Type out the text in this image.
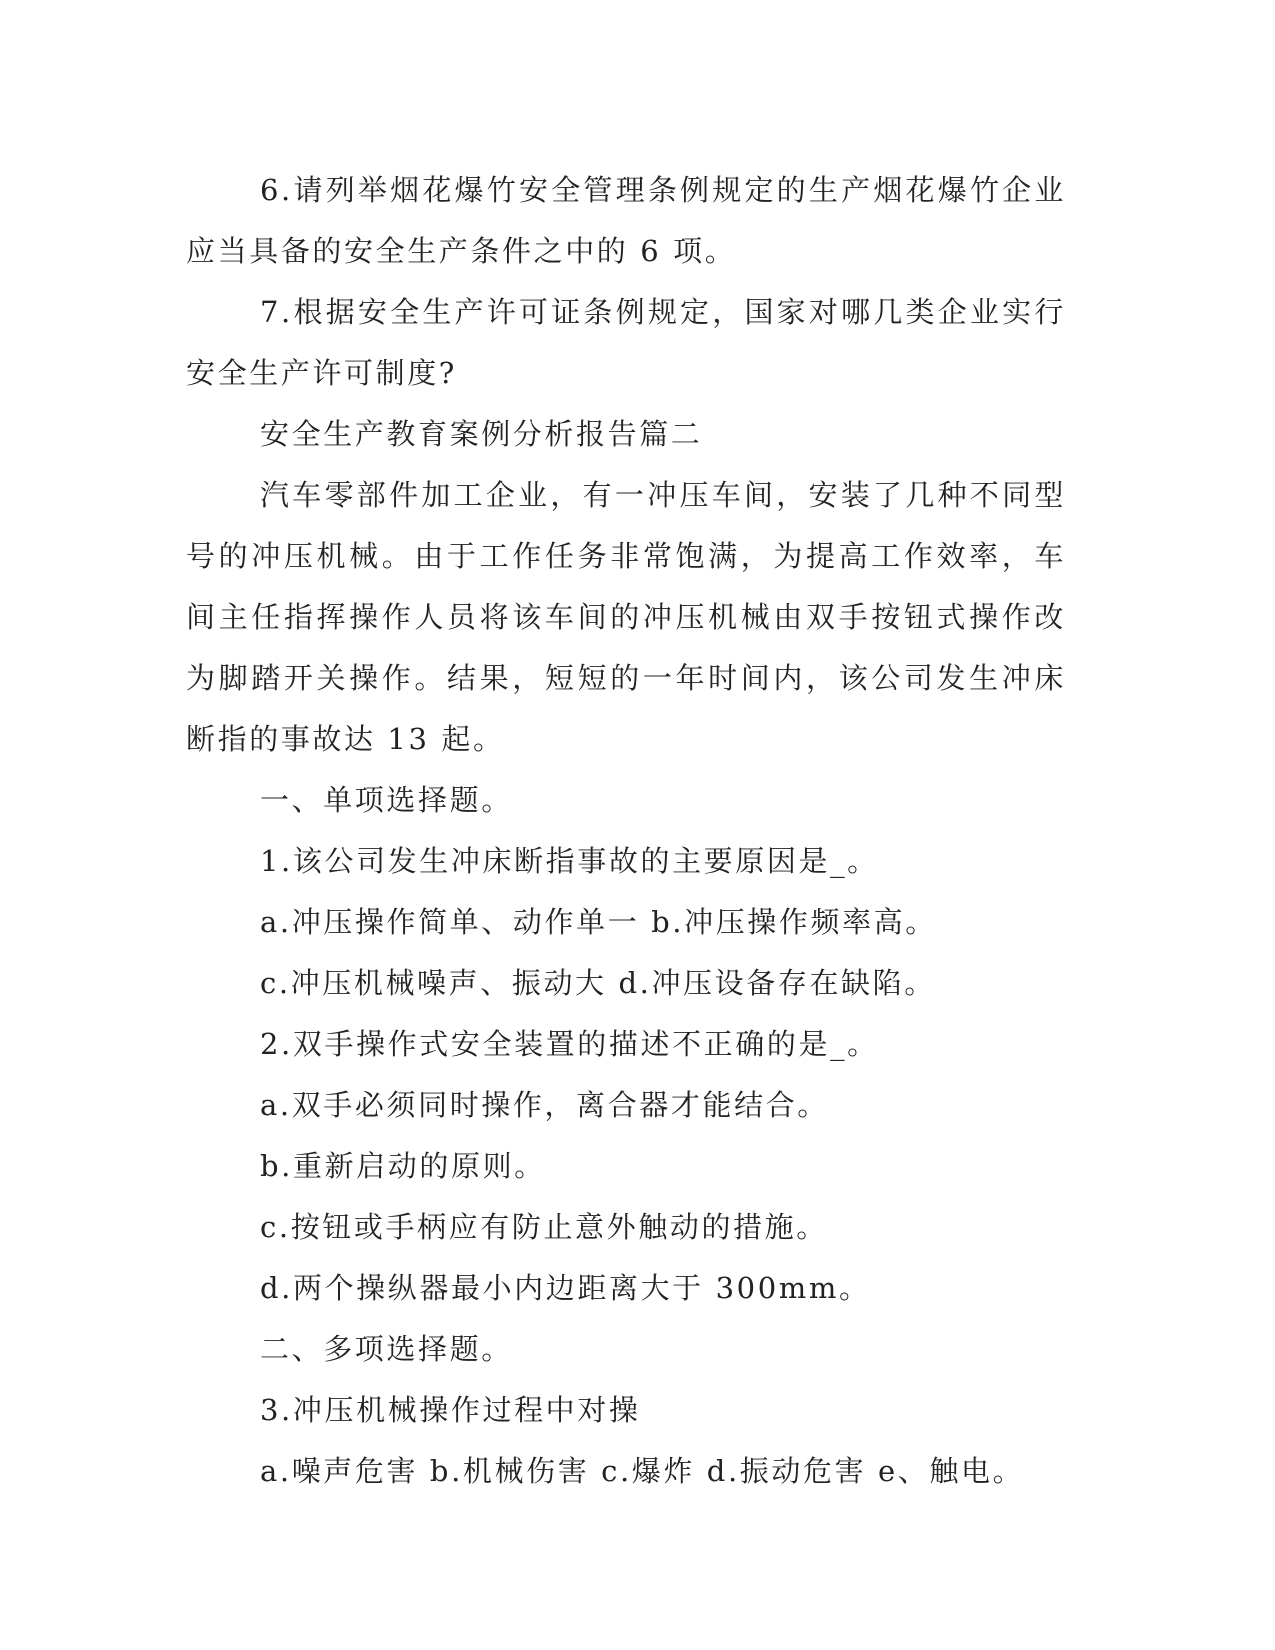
6.请列举烟花爆竹安全管理条例规定的生产烟花爆竹企业应当具备的安全生产条件之中的 6 项。

7.根据安全生产许可证条例规定，国家对哪几类企业实行安全生产许可制度?

安全生产教育案例分析报告篇二

汽车零部件加工企业，有一冲压车间，安装了几种不同型号的冲压机械。由于工作任务非常饱满，为提高工作效率，车间主任指挥操作人员将该车间的冲压机械由双手按钮式操作改为脚踏开关操作。结果，短短的一年时间内，该公司发生冲床断指的事故达 13 起。

一、单项选择题。

1.该公司发生冲床断指事故的主要原因是_。

a.冲压操作简单、动作单一 b.冲压操作频率高。

c.冲压机械噪声、振动大 d.冲压设备存在缺陷。

2.双手操作式安全装置的描述不正确的是_。

a.双手必须同时操作，离合器才能结合。

b.重新启动的原则。

c.按钮或手柄应有防止意外触动的措施。

d.两个操纵器最小内边距离大于 300mm。

二、多项选择题。

3.冲压机械操作过程中对操

a.噪声危害 b.机械伤害 c.爆炸 d.振动危害 e、触电。
